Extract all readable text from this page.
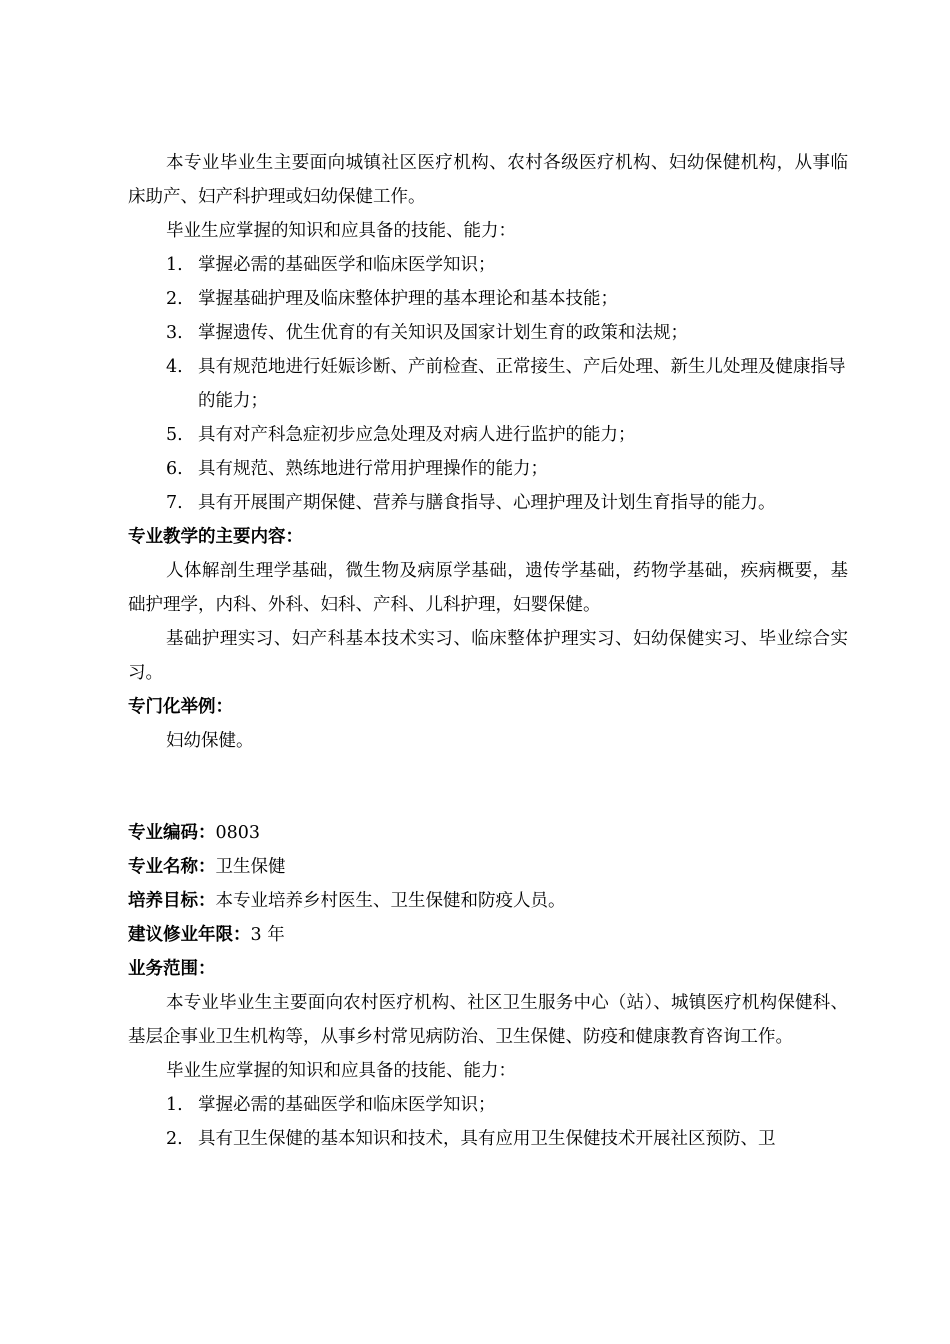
本专业毕业生主要面向城镇社区医疗机构、农村各级医疗机构、妇幼保健机构，从事临床助产、妇产科护理或妇幼保健工作。
毕业生应掌握的知识和应具备的技能、能力：
1. 掌握必需的基础医学和临床医学知识；
2. 掌握基础护理及临床整体护理的基本理论和基本技能；
3. 掌握遗传、优生优育的有关知识及国家计划生育的政策和法规；
4. 具有规范地进行妊娠诊断、产前检查、正常接生、产后处理、新生儿处理及健康指导的能力；
5. 具有对产科急症初步应急处理及对病人进行监护的能力；
6. 具有规范、熟练地进行常用护理操作的能力；
7. 具有开展围产期保健、营养与膳食指导、心理护理及计划生育指导的能力。
专业教学的主要内容：
人体解剖生理学基础，微生物及病原学基础，遗传学基础，药物学基础，疾病概要，基础护理学，内科、外科、妇科、产科、儿科护理，妇婴保健。
基础护理实习、妇产科基本技术实习、临床整体护理实习、妇幼保健实习、毕业综合实习。
专门化举例：
妇幼保健。
专业编码：0803
专业名称：卫生保健
培养目标：本专业培养乡村医生、卫生保健和防疫人员。
建议修业年限：3 年
业务范围：
本专业毕业生主要面向农村医疗机构、社区卫生服务中心（站）、城镇医疗机构保健科、基层企事业卫生机构等，从事乡村常见病防治、卫生保健、防疫和健康教育咨询工作。
毕业生应掌握的知识和应具备的技能、能力：
1. 掌握必需的基础医学和临床医学知识；
2. 具有卫生保健的基本知识和技术，具有应用卫生保健技术开展社区预防、卫
